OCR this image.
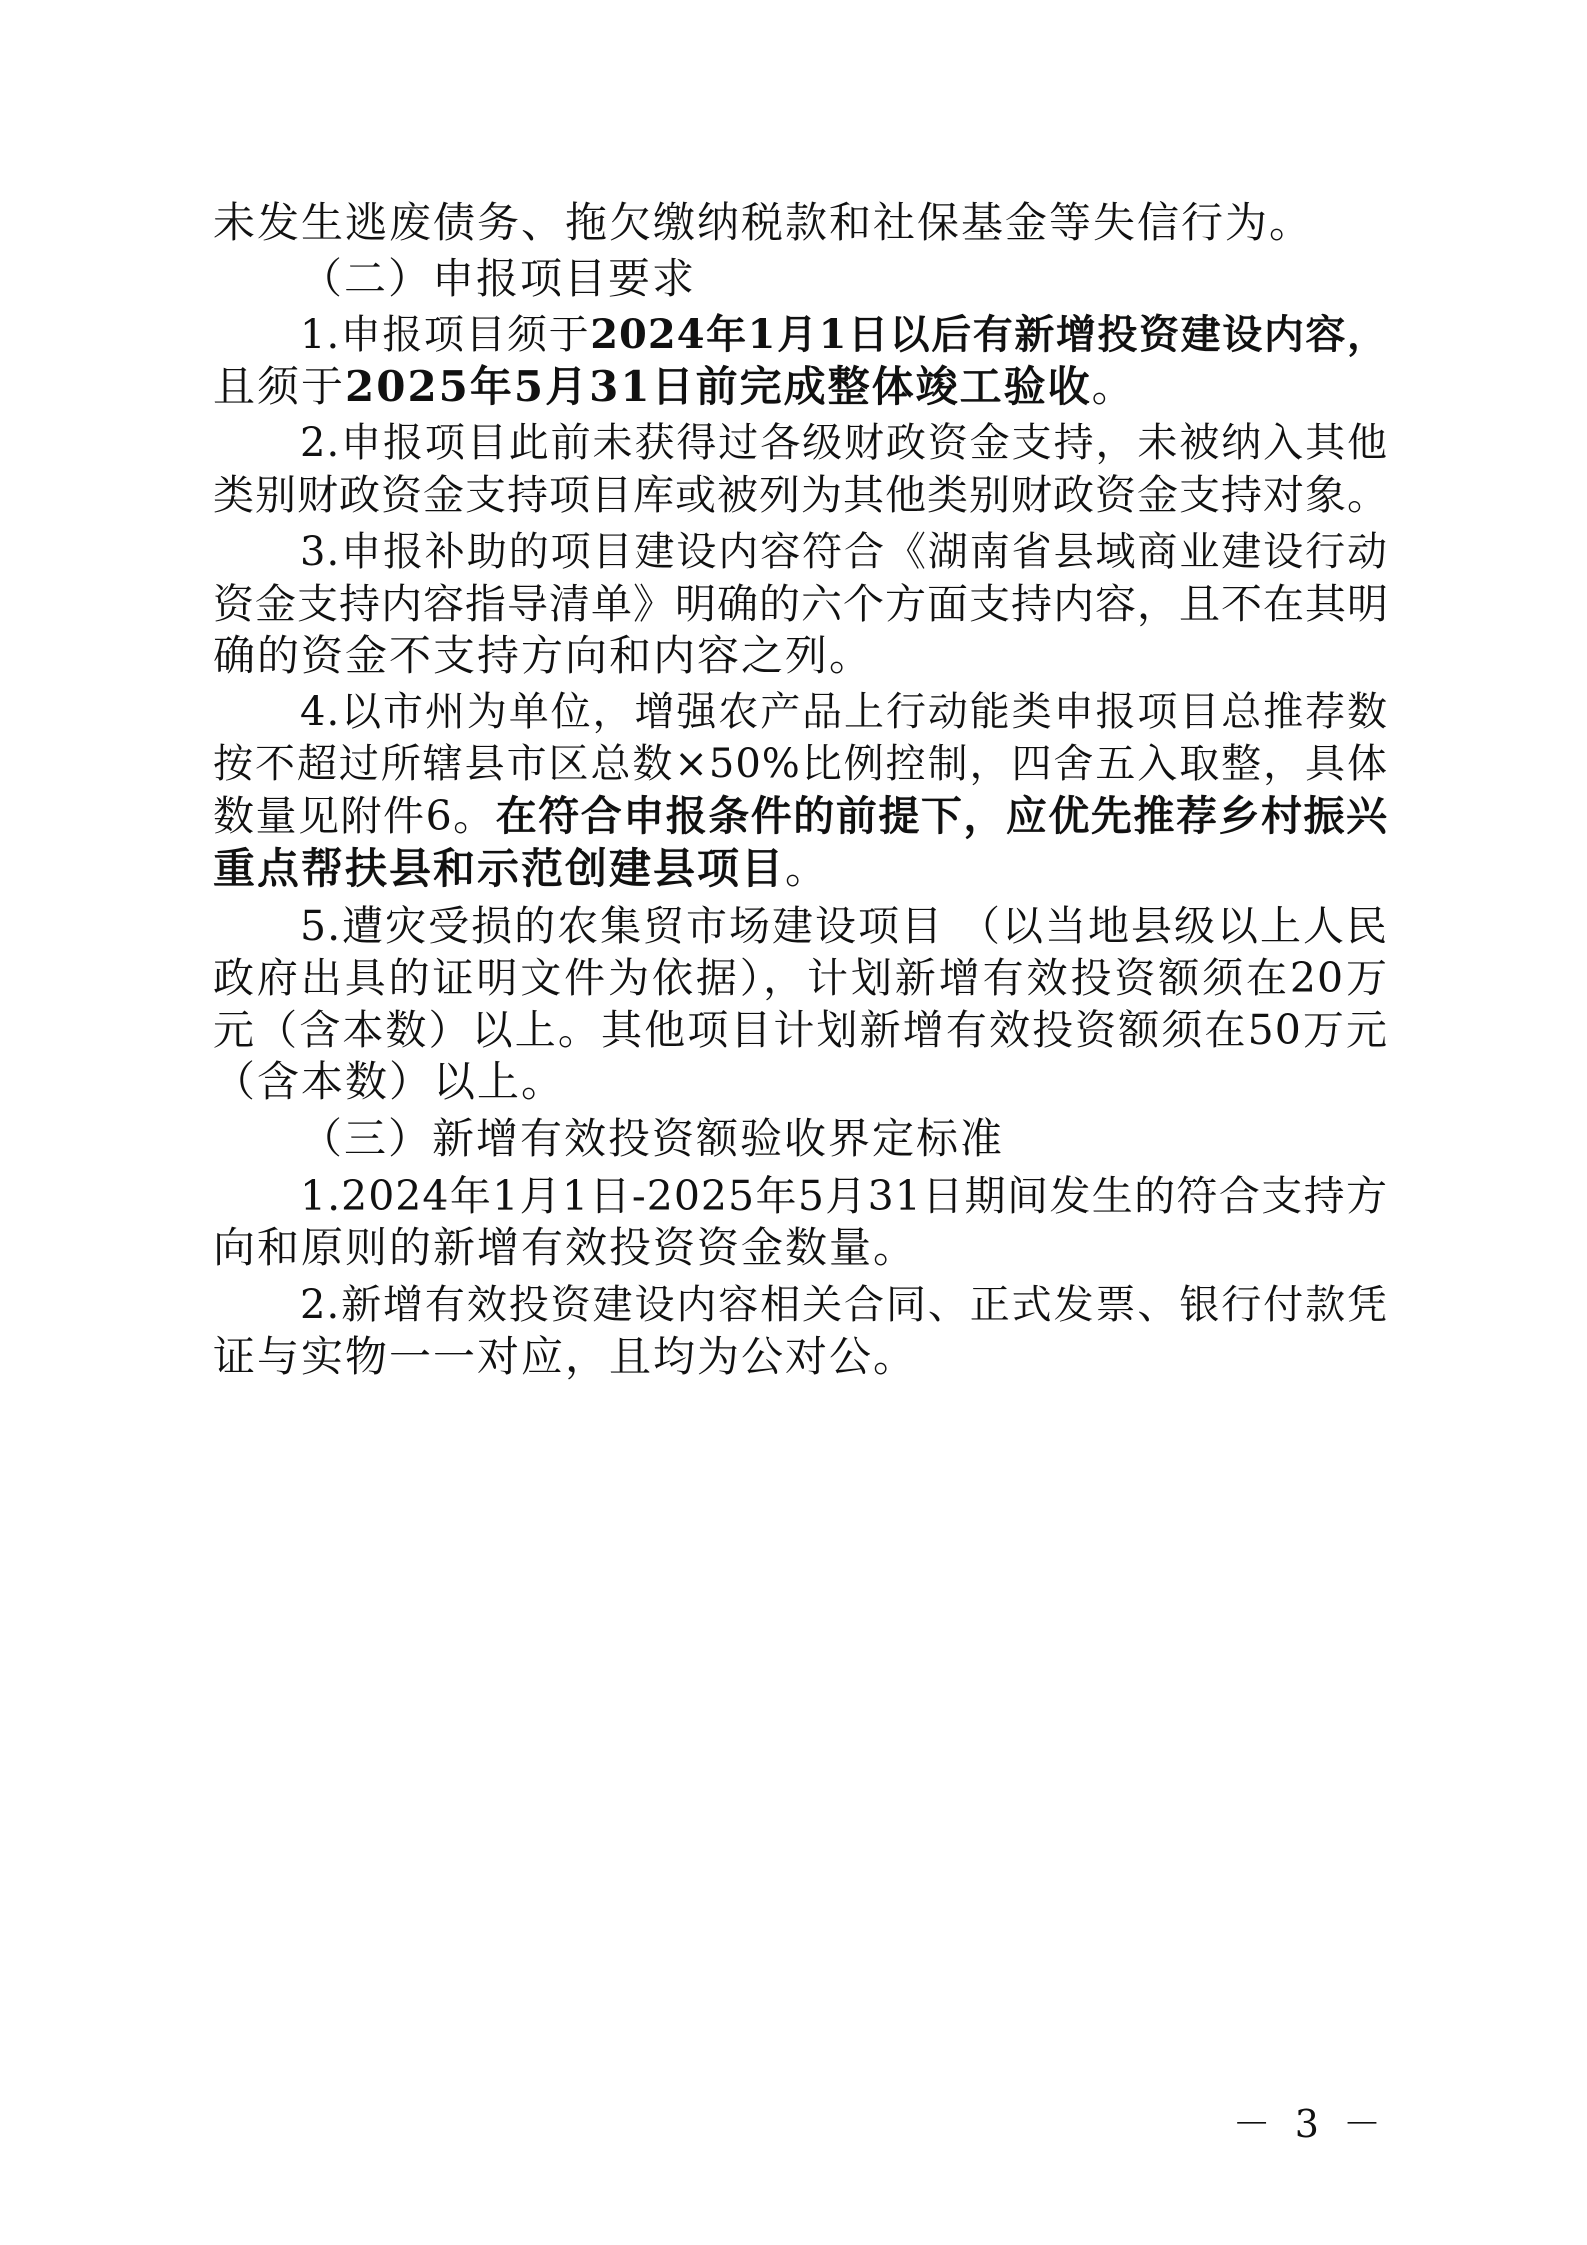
未发生逃废债务、拖欠缴纳税款和社保基金等失信行为。
（二）申报项目要求
1.申报项目须于2024年1月1日以后有新增投资建设内容，
且须于2025年5月31日前完成整体竣工验收。
2.申报项目此前未获得过各级财政资金支持，未被纳入其他
类别财政资金支持项目库或被列为其他类别财政资金支持对象。
3.申报补助的项目建设内容符合《湖南省县域商业建设行动
资金支持内容指导清单》明确的六个方面支持内容，且不在其明
确的资金不支持方向和内容之列。
4.以市州为单位，增强农产品上行动能类申报项目总推荐数
按不超过所辖县市区总数×50%比例控制，四舍五入取整，具体
数量见附件6。在符合申报条件的前提下，应优先推荐乡村振兴
重点帮扶县和示范创建县项目。
5.遭灾受损的农集贸市场建设项目 （以当地县级以上人民
政府出具的证明文件为依据），计划新增有效投资额须在20万
元（含本数）以上。其他项目计划新增有效投资额须在50万元
（含本数）以上。
（三）新增有效投资额验收界定标准
1.2024年1月1日-2025年5月31日期间发生的符合支持方
向和原则的新增有效投资资金数量。
2.新增有效投资建设内容相关合同、正式发票、银行付款凭
证与实物一一对应，且均为公对公。
－ 3 －
